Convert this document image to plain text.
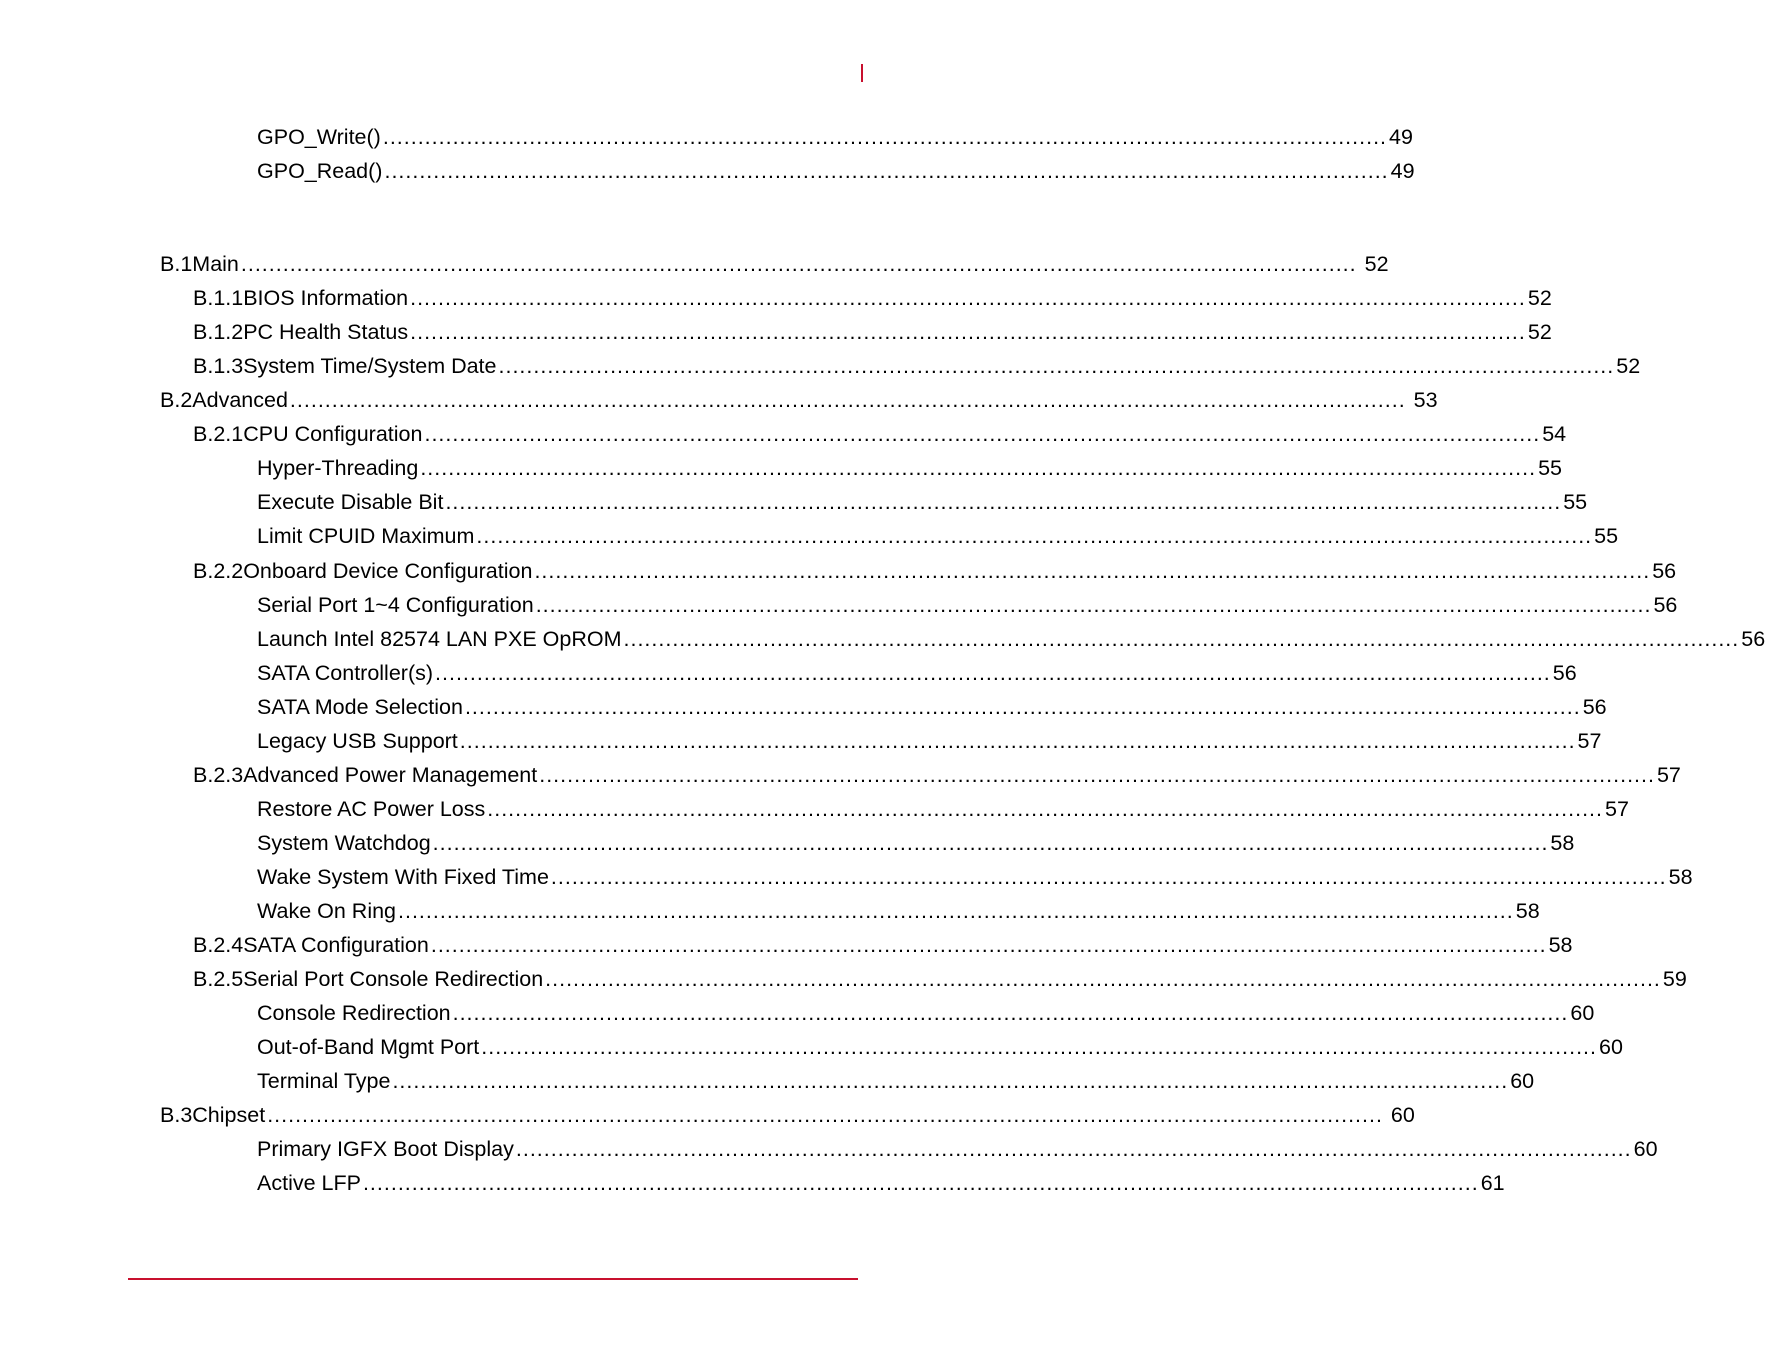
GPO_Write() ................................................................................................................................................ 49
GPO_Read() ................................................................................................................................................ 49
B.1 Main ................................................................................................................................................................ 52
B.1.1 BIOS Information ................................................................................................................................................................ 52
B.1.2 PC Health Status ................................................................................................................................................................ 52
B.1.3 System Time/System Date ................................................................................................................................................................ 52
B.2 Advanced ................................................................................................................................................................ 53
B.2.1 CPU Configuration ................................................................................................................................................................ 54
Hyper-Threading ................................................................................................................................................................ 55
Execute Disable Bit ................................................................................................................................................................ 55
Limit CPUID Maximum ................................................................................................................................................................ 55
B.2.2 Onboard Device Configuration ................................................................................................................................................................ 56
Serial Port 1~4 Configuration ................................................................................................................................................................ 56
Launch Intel 82574 LAN PXE OpROM ................................................................................................................................................................ 56
SATA Controller(s) ................................................................................................................................................................ 56
SATA Mode Selection ................................................................................................................................................................ 56
Legacy USB Support ................................................................................................................................................................ 57
B.2.3 Advanced Power Management ................................................................................................................................................................ 57
Restore AC Power Loss ................................................................................................................................................................ 57
System Watchdog ................................................................................................................................................................ 58
Wake System With Fixed Time ................................................................................................................................................................ 58
Wake On Ring ................................................................................................................................................................ 58
B.2.4 SATA Configuration ................................................................................................................................................................ 58
B.2.5 Serial Port Console Redirection ................................................................................................................................................................ 59
Console Redirection ................................................................................................................................................................ 60
Out-of-Band Mgmt Port ................................................................................................................................................................ 60
Terminal Type ................................................................................................................................................................ 60
B.3 Chipset ................................................................................................................................................................ 60
Primary IGFX Boot Display ................................................................................................................................................................ 60
Active LFP ................................................................................................................................................................ 61
